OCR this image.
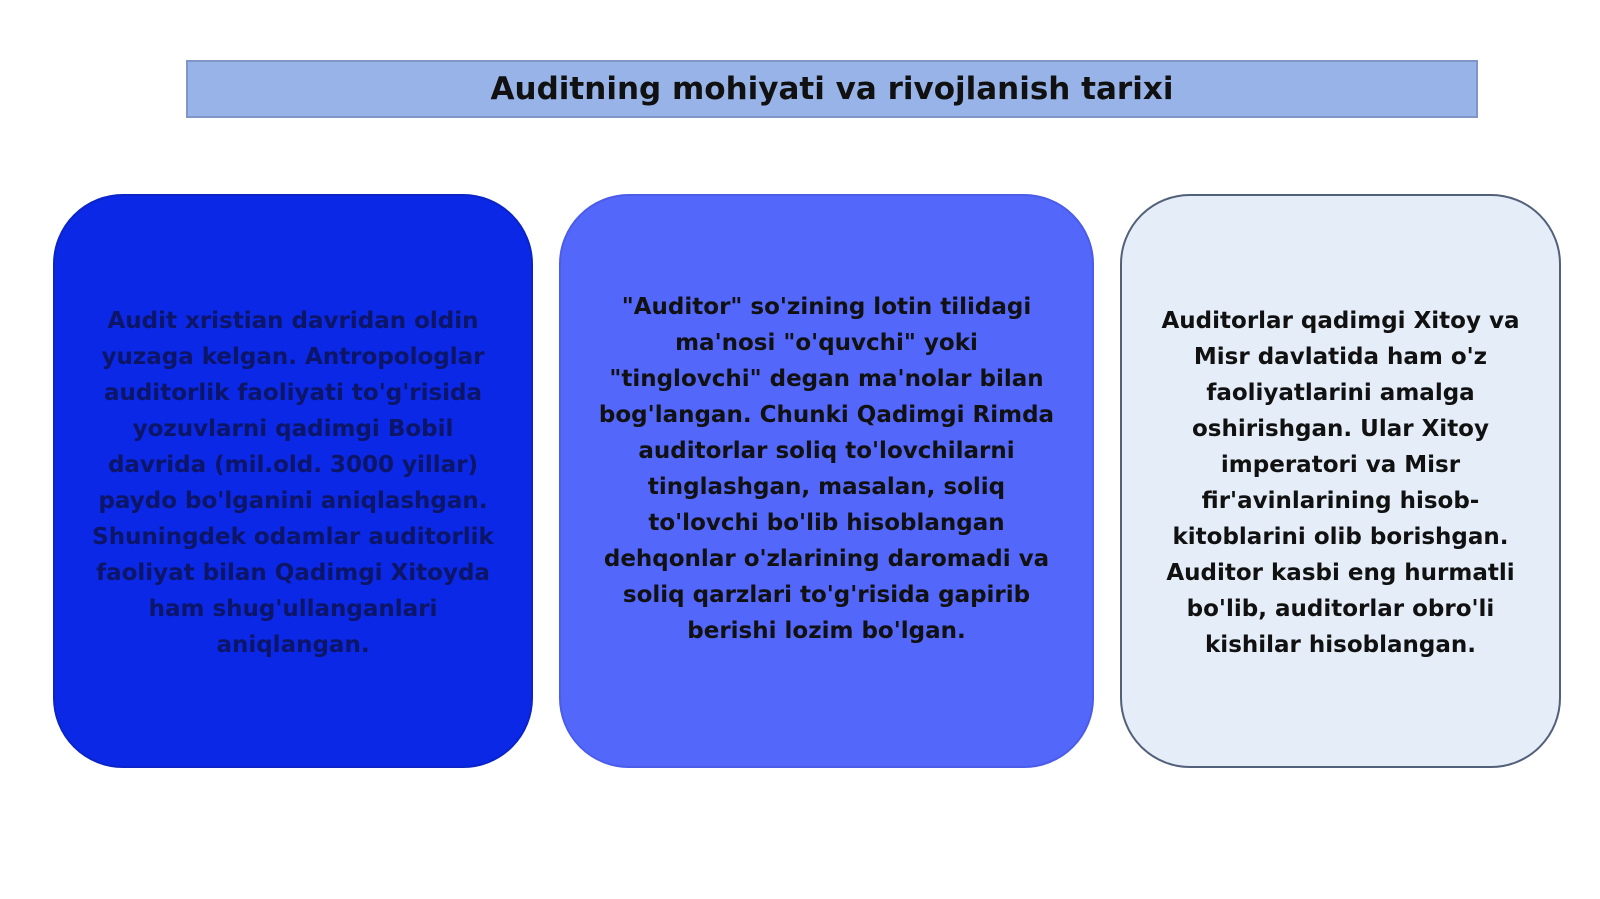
Auditning mohiyati va rivojlanish tarixi
Audit xristian davridan oldin yuzaga kelgan. Antropologlar auditorlik faoliyati to'g'risida yozuvlarni qadimgi Bobil davrida (mil.old. 3000 yillar) paydo bo'lganini aniqlashgan. Shuningdek odamlar auditorlik faoliyat bilan Qadimgi Xitoyda ham shug'ullanganlari aniqlangan.
"Auditor" so'zining lotin tilidagi ma'nosi "o'quvchi" yoki "tinglovchi" degan ma'nolar bilan bog'langan. Chunki Qadimgi Rimda auditorlar soliq to'lovchilarni tinglashgan, masalan, soliq to'lovchi bo'lib hisoblangan dehqonlar o'zlarining daromadi va soliq qarzlari to'g'risida gapirib berishi lozim bo'lgan.
Auditorlar qadimgi Xitoy va Misr davlatida ham o'z faoliyatlarini amalga oshirishgan. Ular Xitoy imperatori va Misr fir'avinlarining hisob-kitoblarini olib borishgan. Auditor kasbi eng hurmatli bo'lib, auditorlar obro'li kishilar hisoblangan.
